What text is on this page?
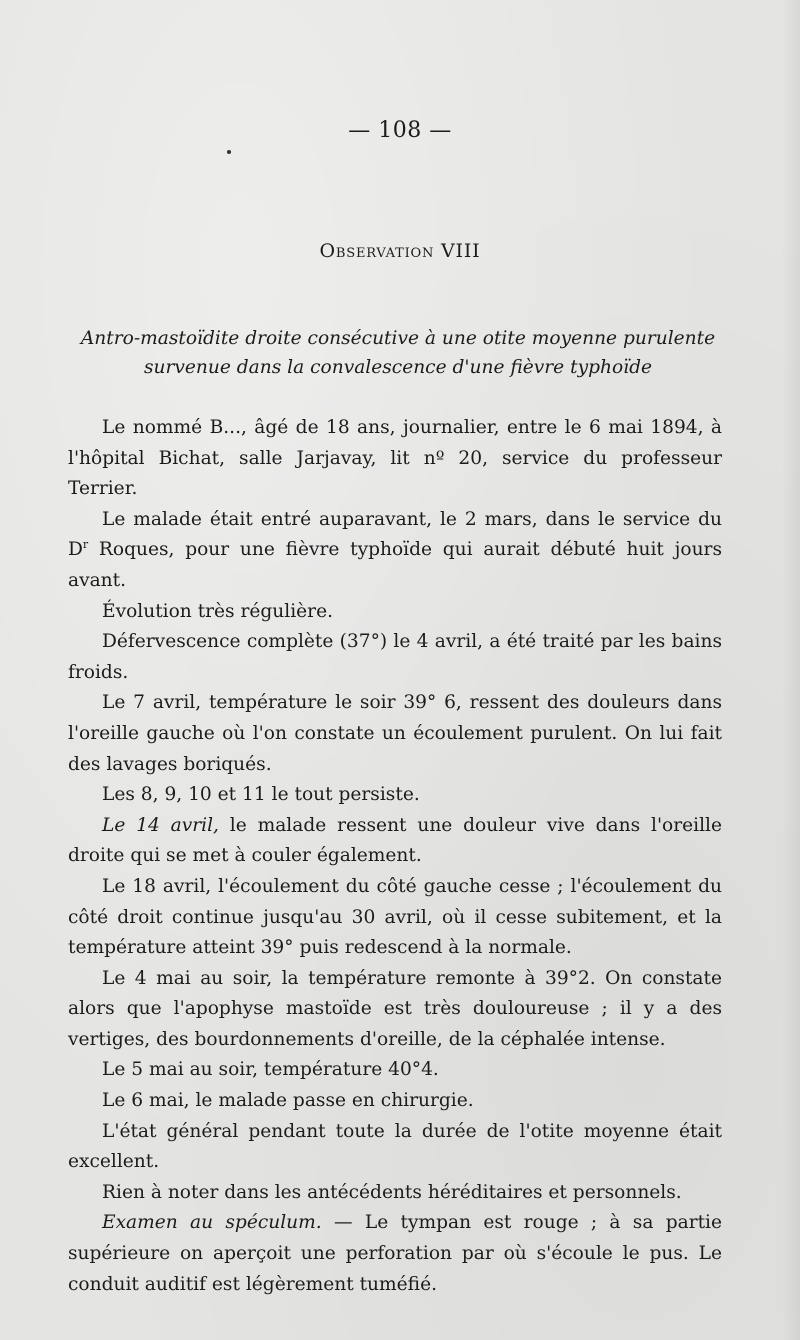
— 108 —
Observation VIII
Antro-mastoïdite droite consécutive à une otite moyenne purulente
survenue dans la convalescence d'une fièvre typhoïde

Le nommé B..., âgé de 18 ans, journalier, entre le 6 mai 1894, à l'hôpital Bichat, salle Jarjavay, lit nº 20, service du professeur Terrier.

Le malade était entré auparavant, le 2 mars, dans le service du $D^r$ Roques, pour une fièvre typhoïde qui aurait débuté huit jours avant.

Évolution très régulière.

Défervescence complète (37°) le 4 avril, a été traité par les bains froids.

Le 7 avril, température le soir 39° 6, ressent des douleurs dans l'oreille gauche où l'on constate un écoulement purulent. On lui fait des lavages boriqués.

Les 8, 9, 10 et 11 le tout persiste.

Le 14 avril, le malade ressent une douleur vive dans l'oreille droite qui se met à couler également.

Le 18 avril, l'écoulement du côté gauche cesse ; l'écoulement du côté droit continue jusqu'au 30 avril, où il cesse subitement, et la température atteint 39° puis redescend à la normale.

Le 4 mai au soir, la température remonte à 39°2. On constate alors que l'apophyse mastoïde est très douloureuse ; il y a des vertiges, des bourdonnements d'oreille, de la céphalée intense.

Le 5 mai au soir, température 40°4.

Le 6 mai, le malade passe en chirurgie.

L'état général pendant toute la durée de l'otite moyenne était excellent.

Rien à noter dans les antécédents héréditaires et personnels.

Examen au spéculum. — Le tympan est rouge ; à sa partie supérieure on aperçoit une perforation par où s'écoule le pus. Le conduit auditif est légèrement tuméfié.
